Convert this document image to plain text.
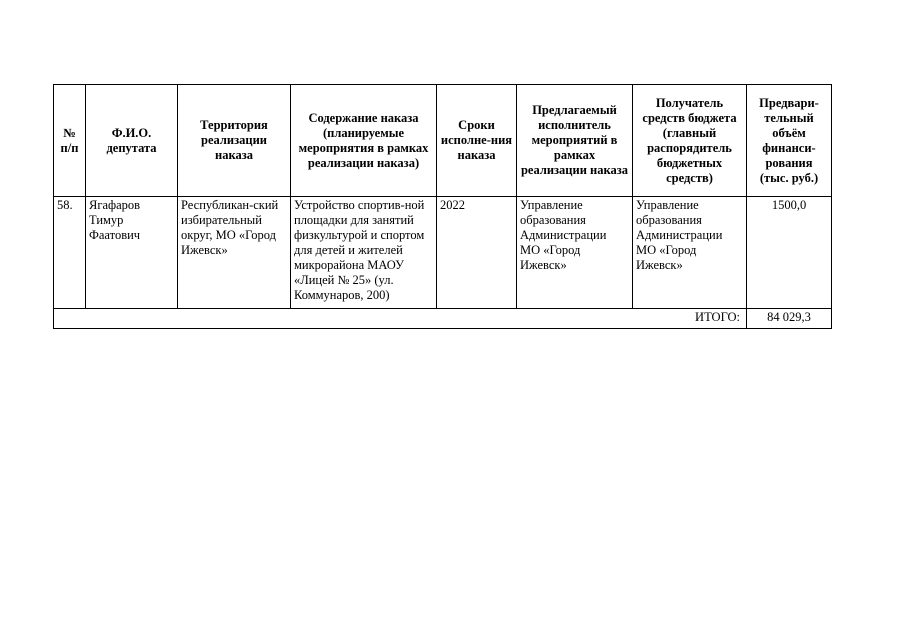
№ п/п	Ф.И.О. депутата	Территория реализации наказа	Содержание наказа (планируемые мероприятия в рамках реализации наказа)	Сроки исполне-ния наказа	Предлагаемый исполнитель мероприятий в рамках реализации наказа	Получатель средств бюджета (главный распорядитель бюджетных средств)	Предвари-тельный объём финанси-рования (тыс. руб.)
58.	Ягафаров Тимур Фаатович	Республикан-ский избирательный округ, МО «Город Ижевск»	Устройство спортив-ной площадки для занятий физкультурой и спортом для детей и жителей микрорайона МАОУ «Лицей № 25» (ул. Коммунаров, 200)	2022	Управление образования Администрации МО «Город Ижевск»	Управление образования Администрации МО «Город Ижевск»	1500,0
ИТОГО:							84 029,3
